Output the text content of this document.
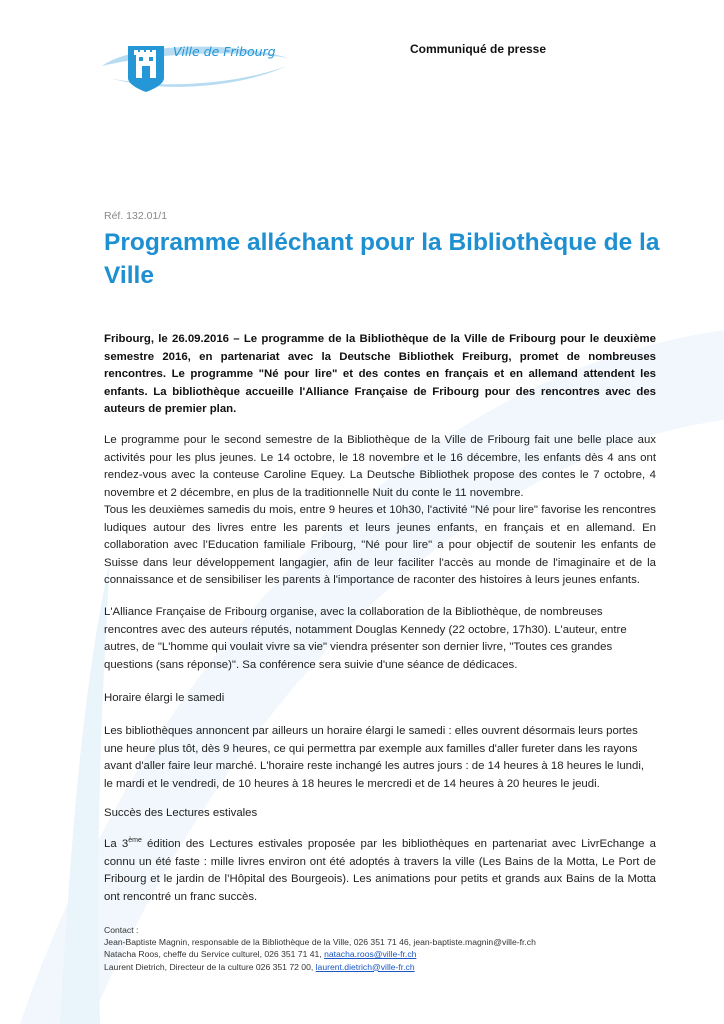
Ville de Fribourg	Communiqué de presse
Réf. 132.01/1
Programme alléchant pour la Bibliothèque de la Ville
Fribourg, le 26.09.2016 – Le programme de la Bibliothèque de la Ville de Fribourg pour le deuxième semestre 2016, en partenariat avec la Deutsche Bibliothek Freiburg, promet de nombreuses rencontres. Le programme "Né pour lire" et des contes en français et en allemand attendent les enfants. La bibliothèque accueille l'Alliance Française de Fribourg pour des rencontres avec des auteurs de premier plan.
Le programme pour le second semestre de la Bibliothèque de la Ville de Fribourg fait une belle place aux activités pour les plus jeunes. Le 14 octobre, le 18 novembre et le 16 décembre, les enfants dès 4 ans ont rendez-vous avec la conteuse Caroline Equey. La Deutsche Bibliothek propose des contes le 7 octobre, 4 novembre et 2 décembre, en plus de la traditionnelle Nuit du conte le 11 novembre.
Tous les deuxièmes samedis du mois, entre 9 heures et 10h30, l'activité "Né pour lire" favorise les rencontres ludiques autour des livres entre les parents et leurs jeunes enfants, en français et en allemand. En collaboration avec l’Education familiale Fribourg, "Né pour lire" a pour objectif de soutenir les enfants de Suisse dans leur développement langagier, afin de leur faciliter l'accès au monde de l'imaginaire et de la connaissance et de sensibiliser les parents à l'importance de raconter des histoires à leurs jeunes enfants.
L'Alliance Française de Fribourg organise, avec la collaboration de la Bibliothèque, de nombreuses rencontres avec des auteurs réputés, notamment Douglas Kennedy (22 octobre, 17h30). L'auteur, entre autres, de "L'homme qui voulait vivre sa vie" viendra présenter son dernier livre, "Toutes ces grandes questions (sans réponse)". Sa conférence sera suivie d'une séance de dédicaces.
Horaire élargi le samedi
Les bibliothèques annoncent par ailleurs un horaire élargi le samedi : elles ouvrent désormais leurs portes une heure plus tôt, dès 9 heures, ce qui permettra par exemple aux familles d'aller fureter dans les rayons avant d'aller faire leur marché. L'horaire reste inchangé les autres jours : de 14 heures à 18 heures le lundi, le mardi et le vendredi, de 10 heures à 18 heures le mercredi et de 14 heures à 20 heures le jeudi.
Succès des Lectures estivales
La 3ème édition des Lectures estivales proposée par les bibliothèques en partenariat avec LivrEchange a connu un été faste : mille livres environ ont été adoptés à travers la ville (Les Bains de la Motta, Le Port de Fribourg et le jardin de l’Hôpital des Bourgeois). Les animations pour petits et grands aux Bains de la Motta ont rencontré un franc succès.
Contact :
Jean-Baptiste Magnin, responsable de la Bibliothèque de la Ville, 026 351 71 46, jean-baptiste.magnin@ville-fr.ch
Natacha Roos, cheffe du Service culturel, 026 351 71 41, natacha.roos@ville-fr.ch
Laurent Dietrich, Directeur de la culture 026 351 72 00, laurent.dietrich@ville-fr.ch
